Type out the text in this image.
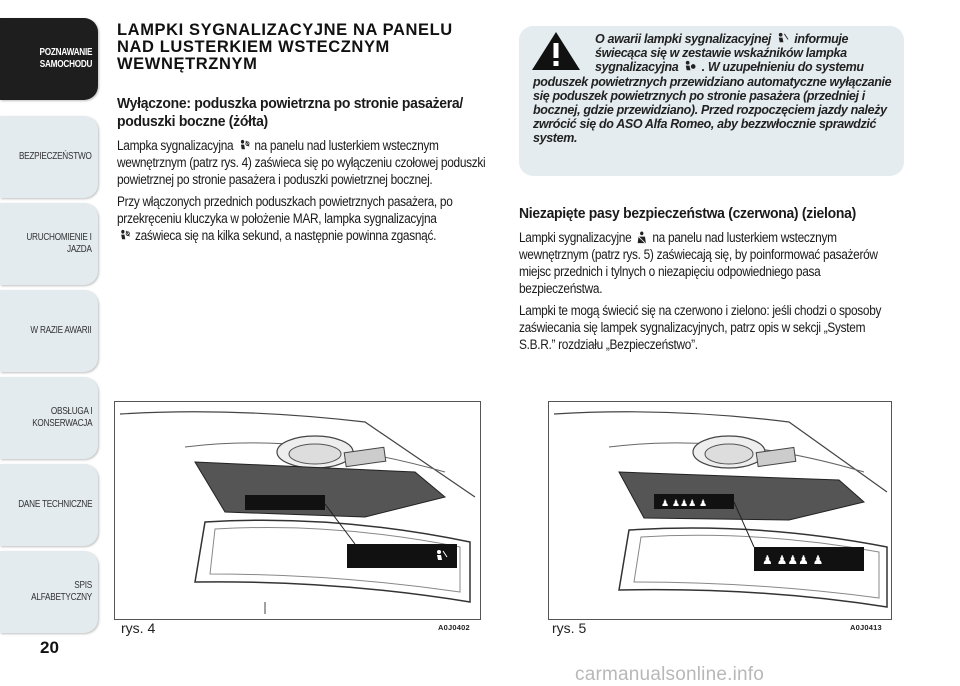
POZNAWANIE
SAMOCHODU
BEZPIECZEŃSTWO
URUCHOMIENIE I
JAZDA
W RAZIE AWARII
OBSŁUGA I
KONSERWACJA
DANE TECHNICZNE
SPIS ALFABETYCZNY
20
LAMPKI SYGNALIZACYJNE NA PANELU
NAD LUSTERKIEM WSTECZNYM
WEWNĘTRZNYM
Wyłączone: poduszka powietrzna po stronie pasażera/ poduszki boczne (żółta)

Lampka sygnalizacyjna na panelu nad lusterkiem wstecznym wewnętrznym (patrz rys. 4) zaświeca się po wyłączeniu czołowej poduszki powietrznej po stronie pasażera i poduszki powietrznej bocznej.

Przy włączonych przednich poduszkach powietrznych pasażera, po przekręceniu kluczyka w położenie MAR, lampka sygnalizacyjna
zaświeca się na kilka sekund, a następnie powinna zgasnąć.

O awarii lampki sygnalizacyjnej informuje
świecąca się w zestawie wskaźników lampka
sygnalizacyjna . W uzupełnieniu do systemu
poduszek powietrznych przewidziano automatyczne wyłączanie się poduszek powietrznych po stronie pasażera (przedniej i bocznej, gdzie przewidziano). Przed rozpoczęciem jazdy należy zwrócić się do ASO Alfa Romeo, aby bezzwłocznie sprawdzić system.
Niezapięte pasy bezpieczeństwa (czerwona) (zielona)

Lampki sygnalizacyjne na panelu nad lusterkiem wstecznym wewnętrznym (patrz rys. 5) zaświecają się, by poinformować pasażerów miejsc przednich i tylnych o niezapięciu odpowiedniego pasa bezpieczeństwa.

Lampki te mogą świecić się na czerwono i zielono: jeśli chodzi o sposoby zaświecania się lampek sygnalizacyjnych, patrz opis w sekcji „System S.B.R.” rozdziału „Bezpieczeństwo”.

rys. 4	A0J0402
♟ ♟♟♟ ♟
♟ ♟♟♟ ♟
rys. 5	A0J0413
carmanualsonline.info
